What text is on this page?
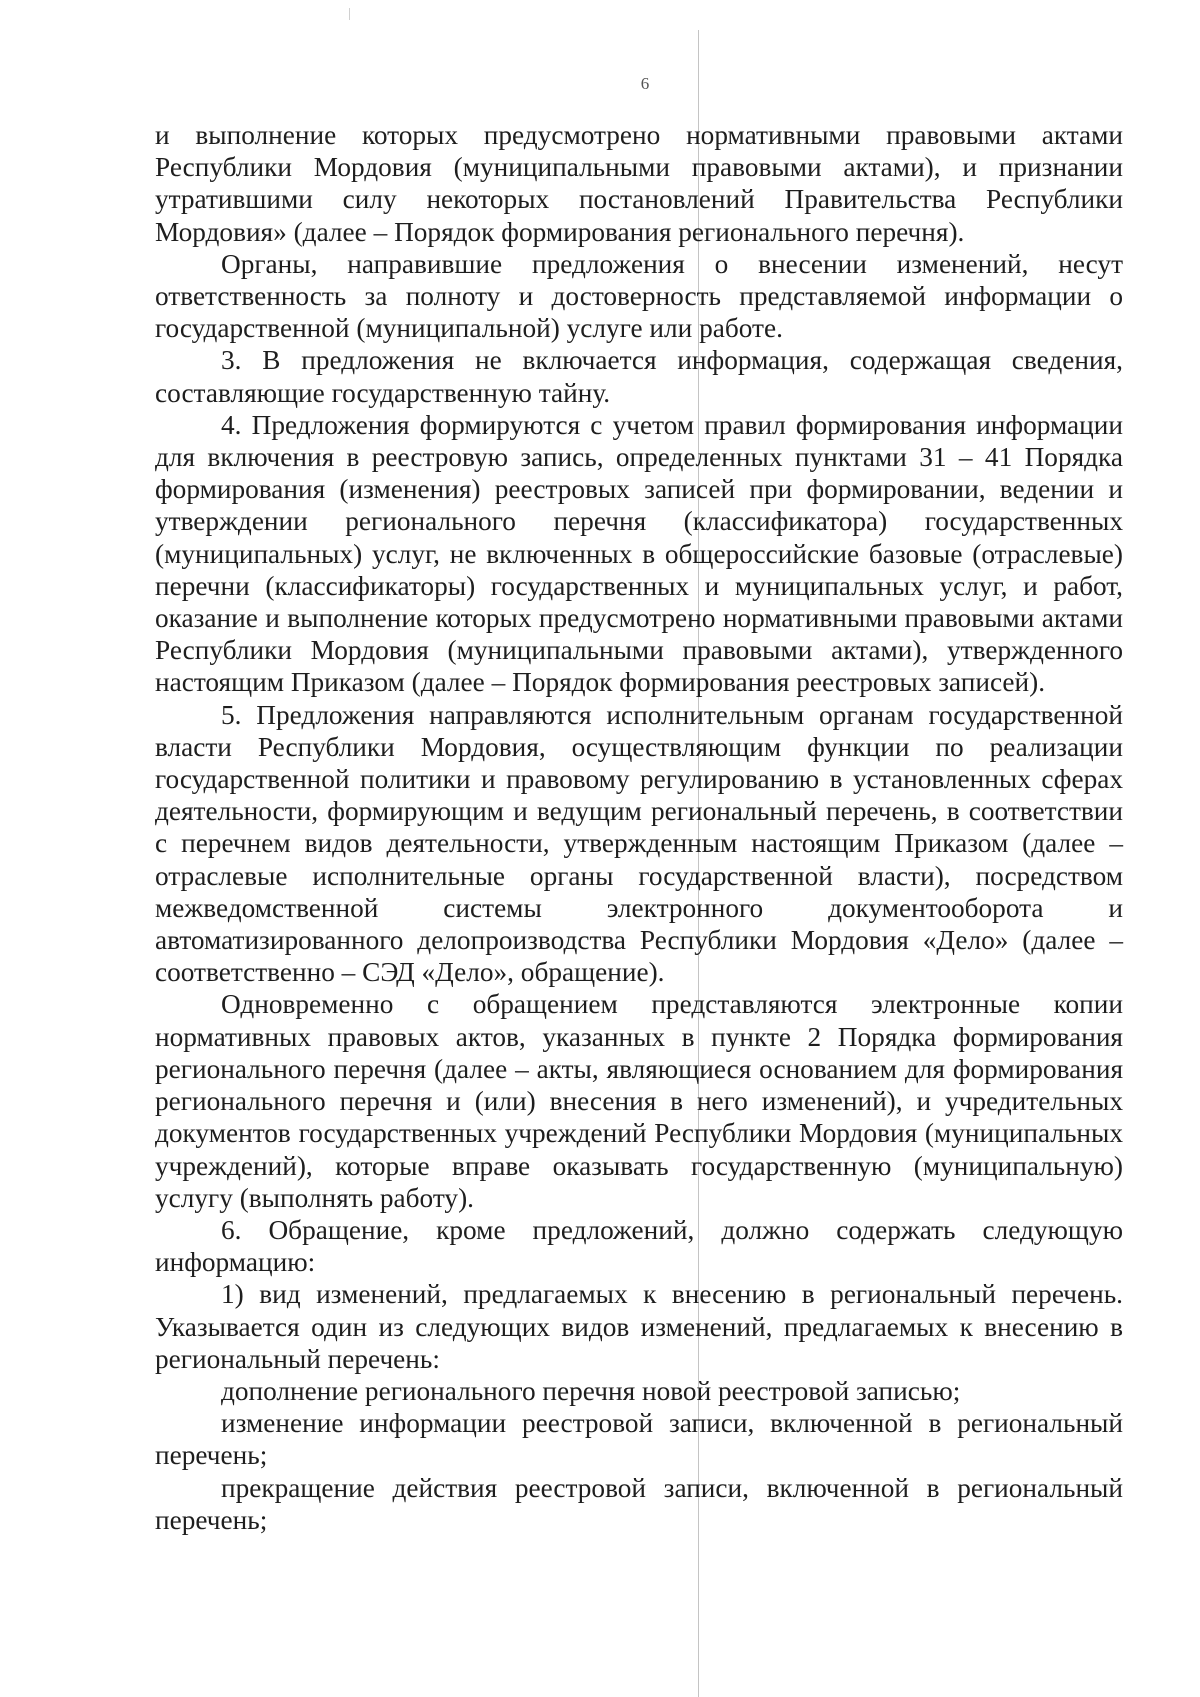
6

и выполнение которых предусмотрено нормативными правовыми актами Республики Мордовия (муниципальными правовыми актами), и признании утратившими силу некоторых постановлений Правительства Республики Мордовия» (далее – Порядок формирования регионального перечня).

Органы, направившие предложения о внесении изменений, несут ответственность за полноту и достоверность представляемой информации о государственной (муниципальной) услуге или работе.

3. В предложения не включается информация, содержащая сведения, составляющие государственную тайну.

4. Предложения формируются с учетом правил формирования информации для включения в реестровую запись, определенных пунктами 31 – 41 Порядка формирования (изменения) реестровых записей при формировании, ведении и утверждении регионального перечня (классификатора) государственных (муниципальных) услуг, не включенных в общероссийские базовые (отраслевые) перечни (классификаторы) государственных и муниципальных услуг, и работ, оказание и выполнение которых предусмотрено нормативными правовыми актами Республики Мордовия (муниципальными правовыми актами), утвержденного настоящим Приказом (далее – Порядок формирования реестровых записей).

5. Предложения направляются исполнительным органам государственной власти Республики Мордовия, осуществляющим функции по реализации государственной политики и правовому регулированию в установленных сферах деятельности, формирующим и ведущим региональный перечень, в соответствии с перечнем видов деятельности, утвержденным настоящим Приказом (далее – отраслевые исполнительные органы государственной власти), посредством межведомственной системы электронного документооборота и автоматизированного делопроизводства Республики Мордовия «Дело» (далее – соответственно – СЭД «Дело», обращение).

Одновременно с обращением представляются электронные копии нормативных правовых актов, указанных в пункте 2 Порядка формирования регионального перечня (далее – акты, являющиеся основанием для формирования регионального перечня и (или) внесения в него изменений), и учредительных документов государственных учреждений Республики Мордовия (муниципальных учреждений), которые вправе оказывать государственную (муниципальную) услугу (выполнять работу).

6. Обращение, кроме предложений, должно содержать следующую информацию:

1) вид изменений, предлагаемых к внесению в региональный перечень. Указывается один из следующих видов изменений, предлагаемых к внесению в региональный перечень:

дополнение регионального перечня новой реестровой записью;

изменение информации реестровой записи, включенной в региональный перечень;

прекращение действия реестровой записи, включенной в региональный перечень;
